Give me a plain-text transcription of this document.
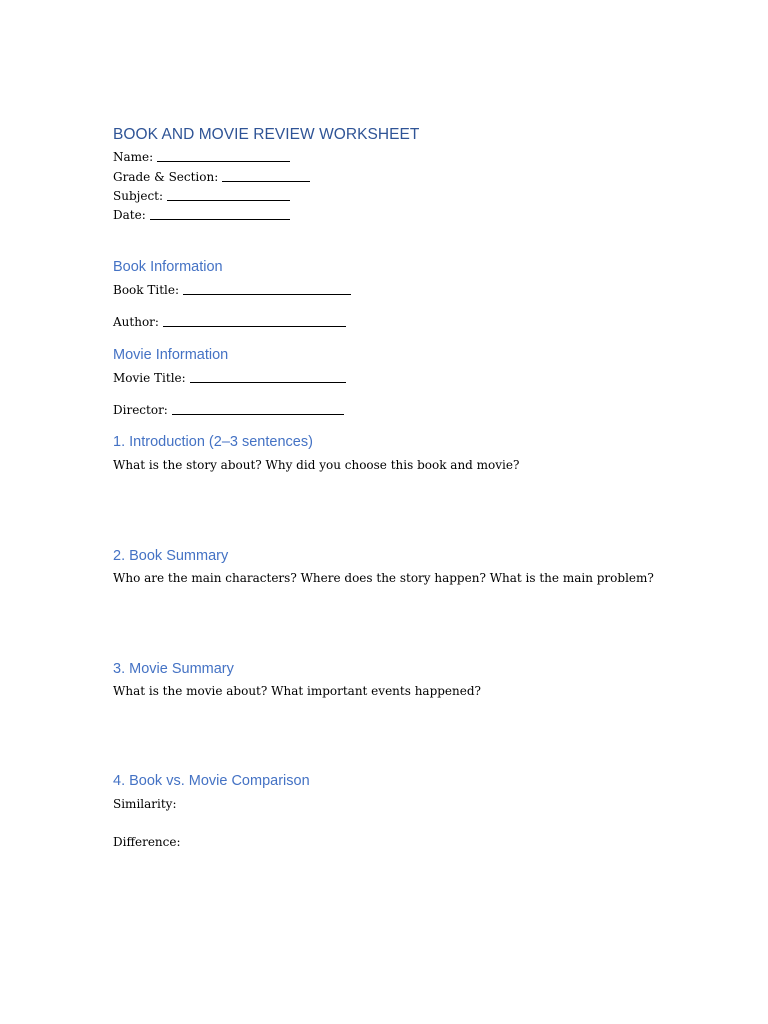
BOOK AND MOVIE REVIEW WORKSHEET
Name:
Grade & Section:
Subject:
Date:
Book Information
Book Title:
Author:
Movie Information
Movie Title:
Director:
1. Introduction (2–3 sentences)
What is the story about? Why did you choose this book and movie?
2. Book Summary
Who are the main characters? Where does the story happen? What is the main problem?
3. Movie Summary
What is the movie about? What important events happened?
4. Book vs. Movie Comparison
Similarity:
Difference:
